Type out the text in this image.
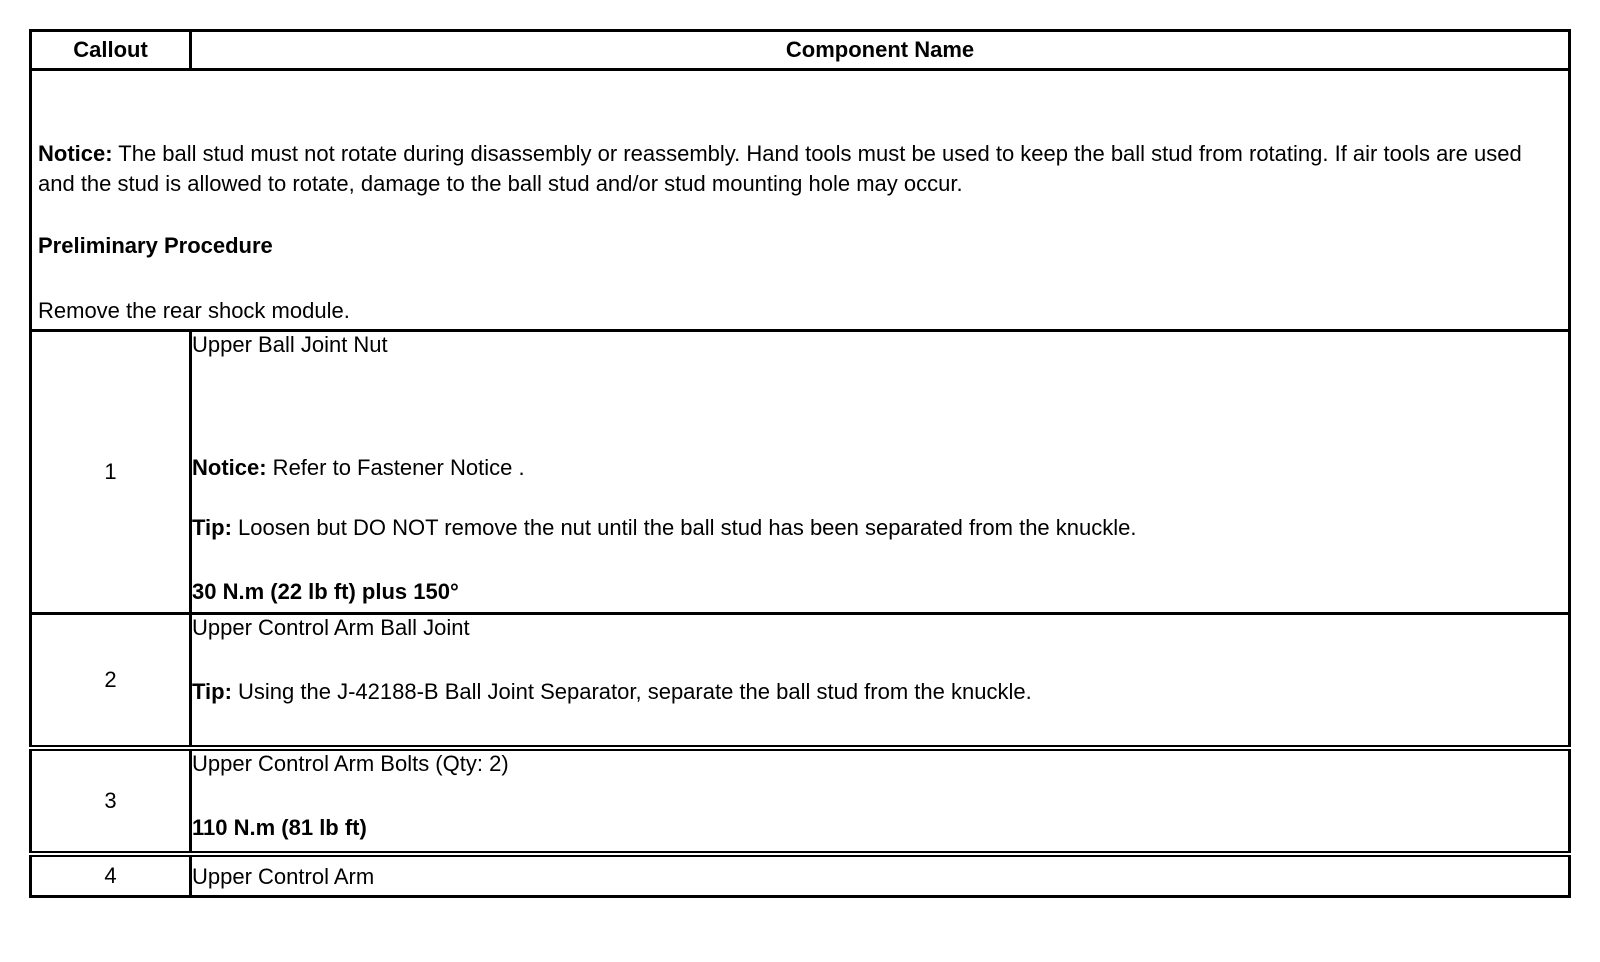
Callout	Component Name

Notice: The ball stud must not rotate during disassembly or reassembly. Hand tools must be used to keep the ball stud from rotating. If air tools are used and the stud is allowed to rotate, damage to the ball stud and/or stud mounting hole may occur.

Preliminary Procedure

Remove the rear shock module.	

1	Upper Ball Joint Nut

Notice: Refer to Fastener Notice .

Tip: Loosen but DO NOT remove the nut until the ball stud has been separated from the knuckle.

30 N.m (22 lb ft) plus 150°

2	Upper Control Arm Ball Joint

Tip: Using the J-42188-B Ball Joint Separator, separate the ball stud from the knuckle.

3	Upper Control Arm Bolts (Qty: 2)

110 N.m (81 lb ft)

4	Upper Control Arm
